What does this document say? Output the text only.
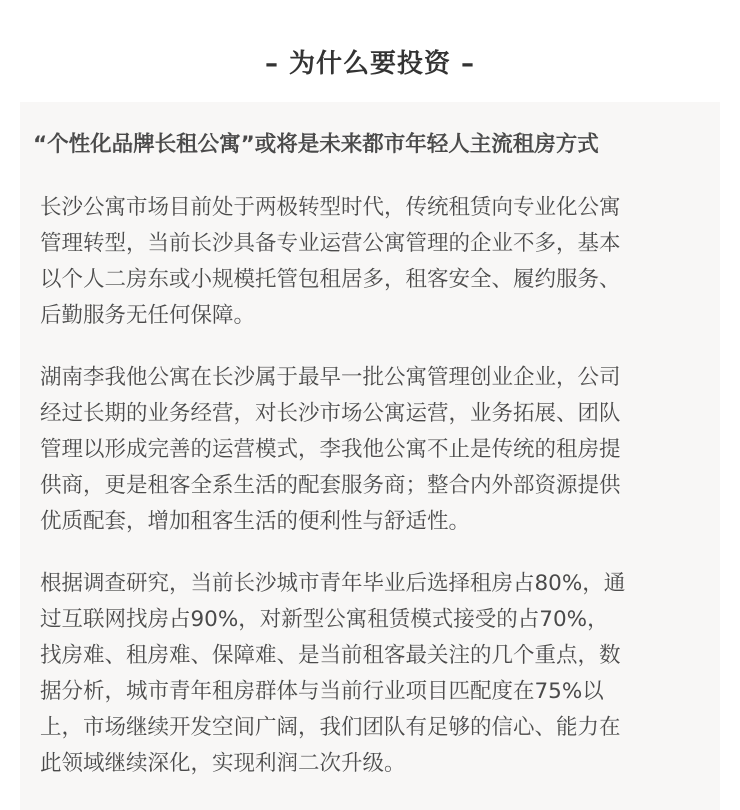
– 为什么要投资 –
“个性化品牌长租公寓”或将是未来都市年轻人主流租房方式

长沙公寓市场目前处于两极转型时代，传统租赁向专业化公寓
管理转型，当前长沙具备专业运营公寓管理的企业不多，基本
以个人二房东或小规模托管包租居多，租客安全、履约服务、
后勤服务无任何保障。

湖南李我他公寓在长沙属于最早一批公寓管理创业企业，公司
经过长期的业务经营，对长沙市场公寓运营，业务拓展、团队
管理以形成完善的运营模式，李我他公寓不止是传统的租房提
供商，更是租客全系生活的配套服务商；整合内外部资源提供
优质配套，增加租客生活的便利性与舒适性。

根据调查研究，当前长沙城市青年毕业后选择租房占80%，通
过互联网找房占90%，对新型公寓租赁模式接受的占70%，
找房难、租房难、保障难、是当前租客最关注的几个重点，数
据分析，城市青年租房群体与当前行业项目匹配度在75%以
上，市场继续开发空间广阔，我们团队有足够的信心、能力在
此领域继续深化，实现利润二次升级。
